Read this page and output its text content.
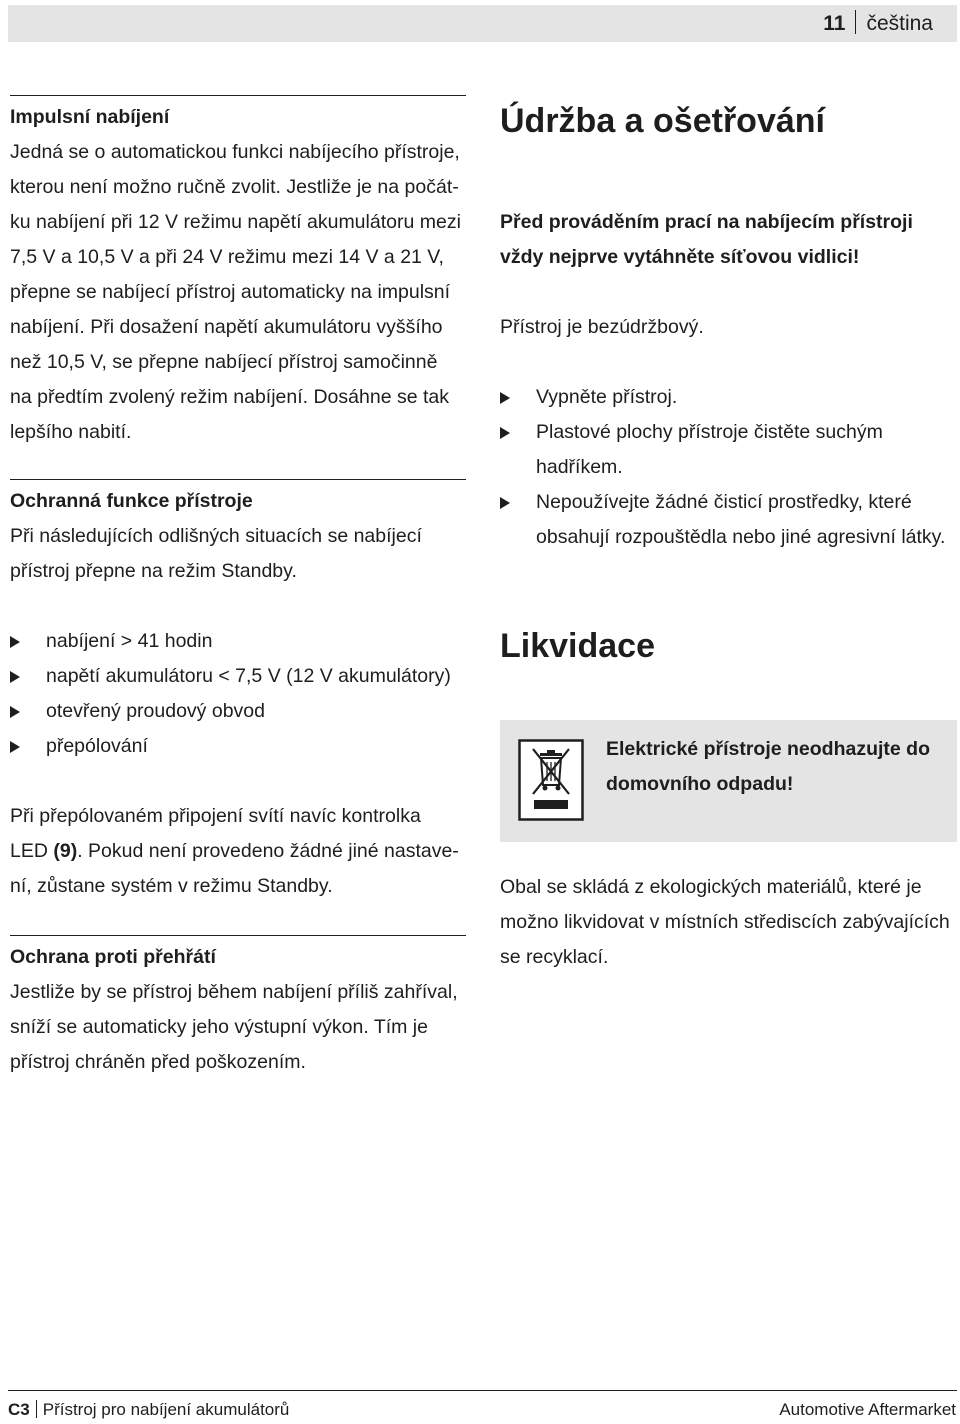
11 čeština
Impulsní nabíjení

Jedná se o automatickou funkci nabíjecího přístroje,

kterou není možno ručně zvolit. Jestliže je na počát-

ku nabíjení při 12 V režimu napětí akumulátoru mezi

7,5 V a 10,5 V a při 24 V režimu mezi 14 V a 21 V,

přepne se nabíjecí přístroj automaticky na impulsní

nabíjení. Při dosažení napětí akumulátoru vyššího

než 10,5 V, se přepne nabíjecí přístroj samočinně

na předtím zvolený režim nabíjení. Dosáhne se tak

lepšího nabití.

Ochranná funkce přístroje

Při následujících odlišných situacích se nabíjecí

přístroj přepne na režim Standby.

nabíjení > 41 hodin
napětí akumulátoru < 7,5 V (12 V akumulátory)
otevřený proudový obvod
přepólování

Při přepólovaném připojení svítí navíc kontrolka

LED (9). Pokud není provedeno žádné jiné nastave-

ní, zůstane systém v režimu Standby.

Ochrana proti přehřátí

Jestliže by se přístroj během nabíjení příliš zahříval,

sníží se automaticky jeho výstupní výkon. Tím je

přístroj chráněn před poškozením.

Údržba a ošetřování

Před prováděním prací na nabíjecím přístroji

vždy nejprve vytáhněte síťovou vidlici!

Přístroj je bezúdržbový.

Vypněte přístroj.
Plastové plochy přístroje čistěte suchým
hadříkem.
Nepoužívejte žádné čisticí prostředky, které
obsahují rozpouštědla nebo jiné agresivní látky.
Likvidace
Elektrické přístroje neodhazujte do
domovního odpadu!

Obal se skládá z ekologických materiálů, které je

možno likvidovat v místních střediscích zabývajících

se recyklací.

C3 Přístroj pro nabíjení akumulátorů	Automotive Aftermarket
